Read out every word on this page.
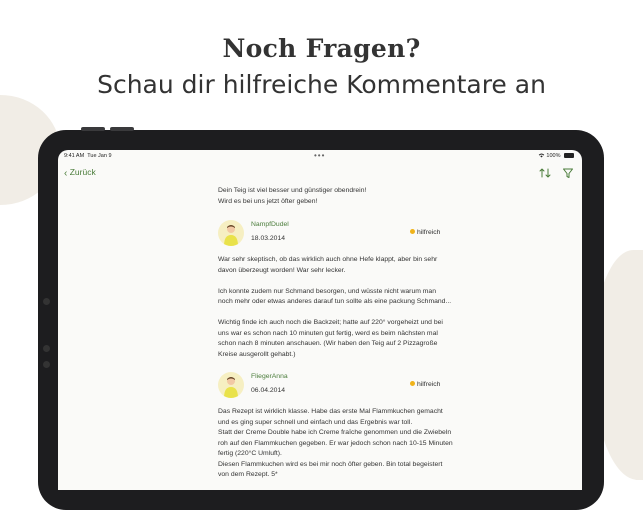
Noch Fragen?
Schau dir hilfreiche Kommentare an
9:41 AM Tue Jan 9	•••	100%
‹ Zurück
Dein Teig ist viel besser und günstiger obendrein!
Wird es bei uns jetzt öfter geben!
NampfDudel
18.03.2014
hilfreich
War sehr skeptisch, ob das wirklich auch ohne Hefe klappt, aber bin sehr
davon überzeugt worden! War sehr lecker.
Ich konnte zudem nur Schmand besorgen, und wüsste nicht warum man
noch mehr oder etwas anderes darauf tun sollte als eine packung Schmand...
Wichtig finde ich auch noch die Backzeit; hatte auf 220° vorgeheizt und bei
uns war es schon nach 10 minuten gut fertig, werd es beim nächsten mal
schon nach 8 minuten anschauen. (Wir haben den Teig auf 2 Pizzagroße
Kreise ausgerollt gehabt.)
FliegerAnna
06.04.2014
hilfreich
Das Rezept ist wirklich klasse. Habe das erste Mal Flammkuchen gemacht
und es ging super schnell und einfach und das Ergebnis war toll.
Statt der Creme Double habe ich Creme fraîche genommen und die Zwiebeln
roh auf den Flammkuchen gegeben. Er war jedoch schon nach 10-15 Minuten
fertig (220°C Umluft).
Diesen Flammkuchen wird es bei mir noch öfter geben. Bin total begeistert
von dem Rezept. 5*
